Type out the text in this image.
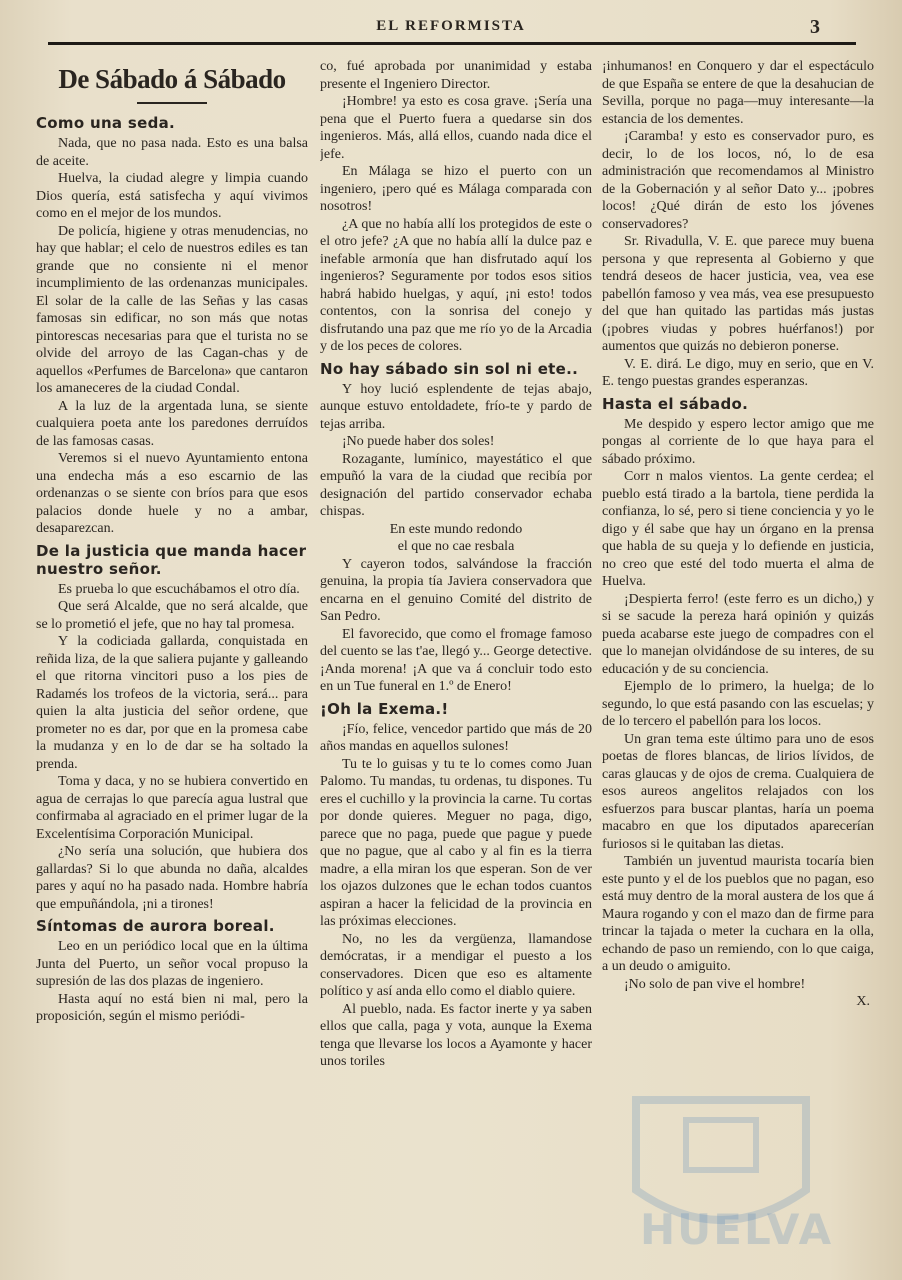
EL REFORMISTA	3
De Sábado á Sábado
Como una seda.

Nada, que no pasa nada. Esto es una balsa de aceite.

Huelva, la ciudad alegre y limpia cuando Dios quería, está satisfecha y aquí vivimos como en el mejor de los mundos.

De policía, higiene y otras menudencias, no hay que hablar; el celo de nuestros ediles es tan grande que no consiente ni el menor incumplimiento de las ordenanzas municipales. El solar de la calle de las Señas y las casas famosas sin edificar, no son más que notas pintorescas necesarias para que el turista no se olvide del arroyo de las Cagan-chas y de aquellos «Perfumes de Barcelona» que cantaron los amaneceres de la ciudad Condal.

A la luz de la argentada luna, se siente cualquiera poeta ante los paredones derruídos de las famosas casas.

Veremos si el nuevo Ayuntamiento entona una endecha más a eso escarnio de las ordenanzas o se siente con bríos para que esos palacios donde huele y no a ambar, desaparezcan.

De la justicia que manda hacer nuestro señor.

Es prueba lo que escuchábamos el otro día.

Que será Alcalde, que no será alcalde, que se lo prometió el jefe, que no hay tal promesa.

Y la codiciada gallarda, conquistada en reñida liza, de la que saliera pujante y galleando el que ritorna vincitori puso a los pies de Radamés los trofeos de la victoria, será... para quien la alta justicia del señor ordene, que prometer no es dar, por que en la promesa cabe la mudanza y en lo de dar se ha soltado la prenda.

Toma y daca, y no se hubiera convertido en agua de cerrajas lo que parecía agua lustral que confirmaba al agraciado en el primer lugar de la Excelentísima Corporación Municipal.

¿No sería una solución, que hubiera dos gallardas? Si lo que abunda no daña, alcaldes pares y aquí no ha pasado nada. Hombre habría que empuñándola, ¡ni a tirones!

Síntomas de aurora boreal.

Leo en un periódico local que en la última Junta del Puerto, un señor vocal propuso la supresión de las dos plazas de ingeniero.

Hasta aquí no está bien ni mal, pero la proposición, según el mismo periódi-

co, fué aprobada por unanimidad y estaba presente el Ingeniero Director.

¡Hombre! ya esto es cosa grave. ¡Sería una pena que el Puerto fuera a quedarse sin dos ingenieros. Más, allá ellos, cuando nada dice el jefe.

En Málaga se hizo el puerto con un ingeniero, ¡pero qué es Málaga comparada con nosotros!

¿A que no había allí los protegidos de este o el otro jefe? ¿A que no había allí la dulce paz e inefable armonía que han disfrutado aquí los ingenieros? Seguramente por todos esos sitios habrá habido huelgas, y aquí, ¡ni esto! todos contentos, con la sonrisa del conejo y disfrutando una paz que me río yo de la Arcadia y de los peces de colores.

No hay sábado sin sol ni ete..

Y hoy lució esplendente de tejas abajo, aunque estuvo entoldadete, frío-te y pardo de tejas arriba.

¡No puede haber dos soles!

Rozagante, lumínico, mayestático el que empuñó la vara de la ciudad que recibía por designación del partido conservador echaba chispas.

En este mundo redondo

el que no cae resbala

Y cayeron todos, salvándose la fracción genuina, la propia tía Javiera conservadora que encarna en el genuino Comité del distrito de San Pedro.

El favorecido, que como el fromage famoso del cuento se las t'ae, llegó y... George detective. ¡Anda morena! ¡A que va á concluir todo esto en un Tue funeral en 1.º de Enero!

¡Oh la Exema.!

¡Fío, felice, vencedor partido que más de 20 años mandas en aquellos sulones!

Tu te lo guisas y tu te lo comes como Juan Palomo. Tu mandas, tu ordenas, tu dispones. Tu eres el cuchillo y la provincia la carne. Tu cortas por donde quieres. Meguer no paga, digo, parece que no paga, puede que pague y puede que no pague, que al cabo y al fin es la tierra madre, a ella miran los que esperan. Son de ver los ojazos dulzones que le echan todos cuantos aspiran a hacer la felicidad de la provincia en las próximas elecciones.

No, no les da vergüenza, llamandose demócratas, ir a mendigar el puesto a los conservadores. Dicen que eso es altamente político y así anda ello como el diablo quiere.

Al pueblo, nada. Es factor inerte y ya saben ellos que calla, paga y vota, aunque la Exema tenga que llevarse los locos a Ayamonte y hacer unos toriles

¡inhumanos! en Conquero y dar el espectáculo de que España se entere de que la desahucian de Sevilla, porque no paga—muy interesante—la estancia de los dementes.

¡Caramba! y esto es conservador puro, es decir, lo de los locos, nó, lo de esa administración que recomendamos al Ministro de la Gobernación y al señor Dato y... ¡pobres locos! ¿Qué dirán de esto los jóvenes conservadores?

Sr. Rivadulla, V. E. que parece muy buena persona y que representa al Gobierno y que tendrá deseos de hacer justicia, vea, vea ese pabellón famoso y vea más, vea ese presupuesto del que han quitado las partidas más justas (¡pobres viudas y pobres huérfanos!) por aumentos que quizás no debieron ponerse.

V. E. dirá. Le digo, muy en serio, que en V. E. tengo puestas grandes esperanzas.

Hasta el sábado.

Me despido y espero lector amigo que me pongas al corriente de lo que haya para el sábado próximo.

Corr n malos vientos. La gente cerdea; el pueblo está tirado a la bartola, tiene perdida la confianza, lo sé, pero si tiene conciencia y yo le digo y él sabe que hay un órgano en la prensa que habla de su queja y lo defiende en justicia, no creo que esté del todo muerta el alma de Huelva.

¡Despierta ferro! (este ferro es un dicho,) y si se sacude la pereza hará opinión y quizás pueda acabarse este juego de compadres con el que lo manejan olvidándose de su interes, de su educación y de su conciencia.

Ejemplo de lo primero, la huelga; de lo segundo, lo que está pasando con las escuelas; y de lo tercero el pabellón para los locos.

Un gran tema este último para uno de esos poetas de flores blancas, de lirios lívidos, de caras glaucas y de ojos de crema. Cualquiera de esos aureos angelitos relajados con los esfuerzos para buscar plantas, haría un poema macabro en que los diputados aparecerían furiosos si le quitaban las dietas.

También un juventud maurista tocaría bien este punto y el de los pueblos que no pagan, eso está muy dentro de la moral austera de los que á Maura rogando y con el mazo dan de firme para trincar la tajada o meter la cuchara en la olla, echando de paso un remiendo, con lo que caiga, a un deudo o amiguito.

¡No solo de pan vive el hombre!

X.

HUELVA
